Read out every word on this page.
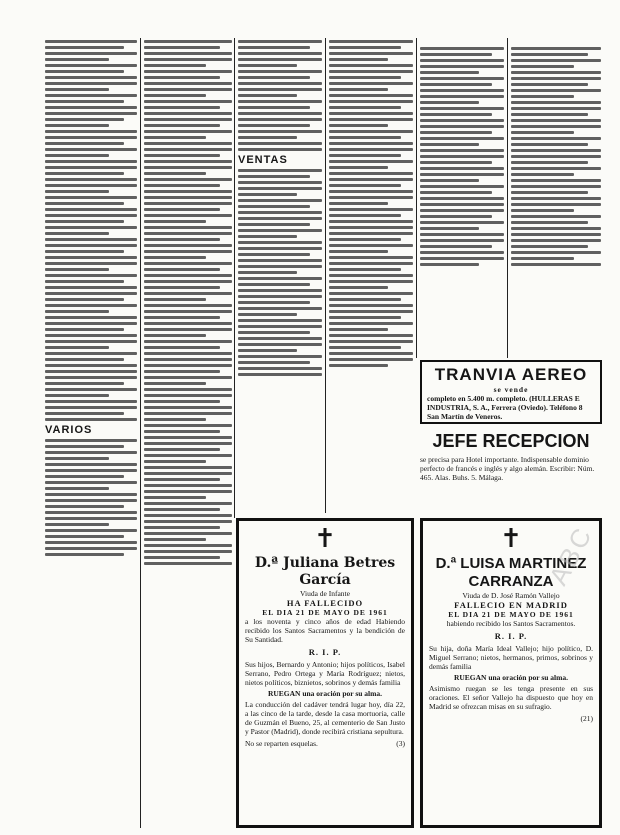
VARIOS
VENTAS
TRANVIA AEREO
se vende
completo en 5.400 m. completo. (HULLERAS E INDUSTRIA, S. A., Ferrera (Oviedo). Teléfono 8 San Martín de Veneros.
JEFE RECEPCION
se precisa para Hotel importante. Indispensable dominio perfecto de francés e inglés y algo alemán. Escribir: Núm. 465. Alas. Buhs. 5. Málaga.
✝
D.ª Juliana Betres García
Viuda de Infante
HA FALLECIDO
EL DIA 21 DE MAYO DE 1961
a los noventa y cinco años de edad Habiendo recibido los Santos Sacramentos y la bendición de Su Santidad.
R. I. P.
Sus hijos, Bernardo y Antonio; hijos políticos, Isabel Serrano, Pedro Ortega y María Rodríguez; nietos, nietos políticos, biznietos, sobrinos y demás familia
RUEGAN una oración por su alma.
La conducción del cadáver tendrá lugar hoy, día 22, a las cinco de la tarde, desde la casa mortuoria, calle de Guzmán el Bueno, 25, al cementerio de San Justo y Pastor (Madrid), donde recibirá cristiana sepultura.
No se reparten esquelas.	(3)
✝
D.ª LUISA MARTINEZ
CARRANZA
Viuda de D. José Ramón Vallejo
FALLECIO EN MADRID
EL DIA 21 DE MAYO DE 1961
habiendo recibido los Santos Sacramentos.
R. I. P.
Su hija, doña María Ideal Vallejo; hijo político, D. Miguel Serrano; nietos, hermanos, primos, sobrinos y demás familia
RUEGAN una oración por su alma.
Asimismo ruegan se les tenga presente en sus oraciones. El señor Vallejo ha dispuesto que hoy en Madrid se ofrezcan misas en su sufragio.
(21)
ABC
